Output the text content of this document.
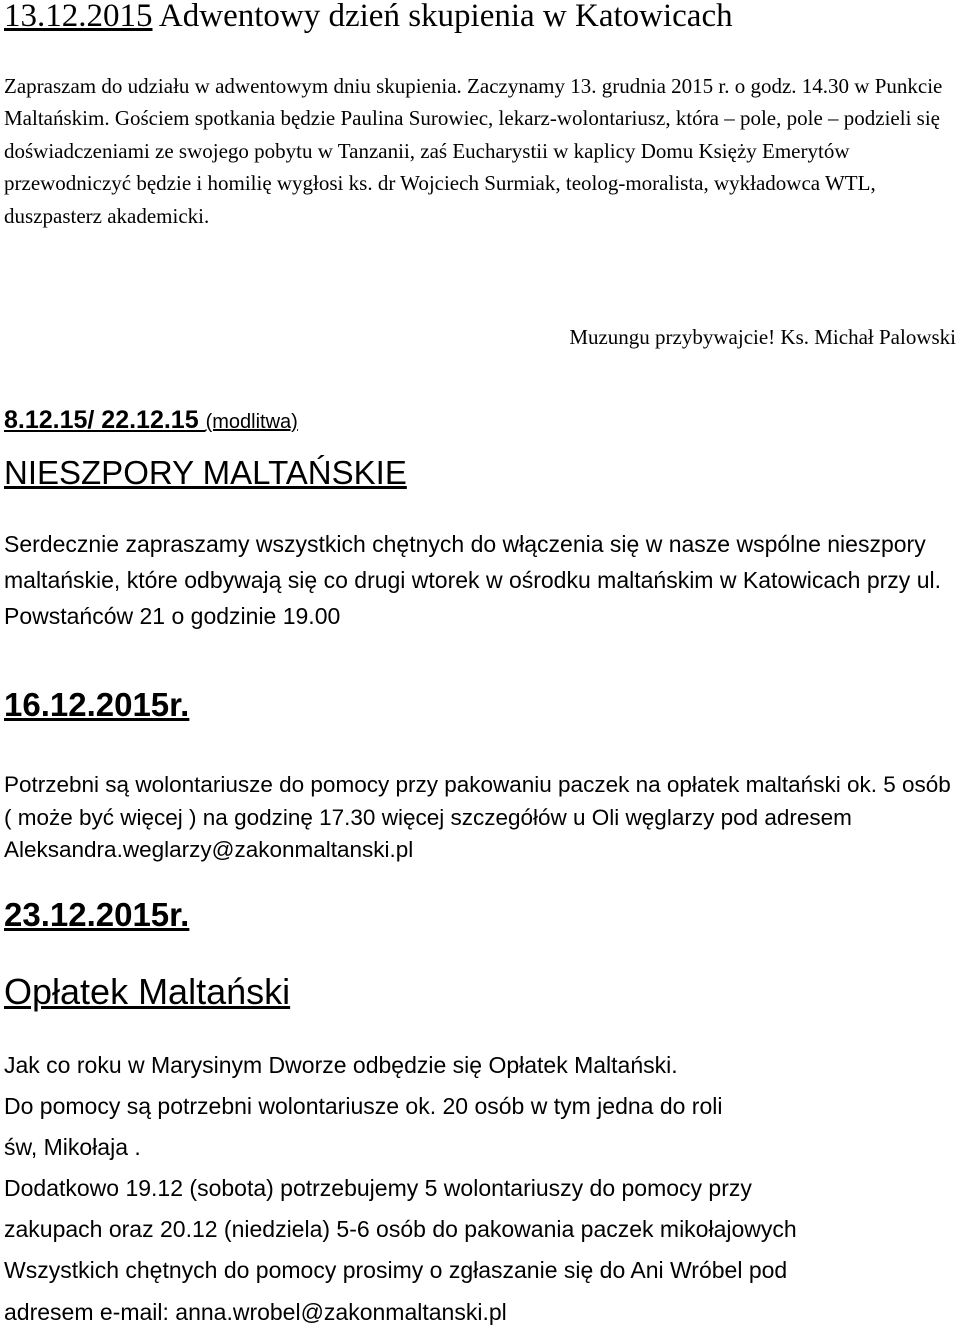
13.12.2015 Adwentowy dzień skupienia w Katowicach
Zapraszam do udziału w adwentowym dniu skupienia. Zaczynamy 13. grudnia 2015 r. o godz. 14.30 w Punkcie Maltańskim. Gościem spotkania będzie Paulina Surowiec, lekarz-wolontariusz, która – pole, pole – podzieli się doświadczeniami ze swojego pobytu w Tanzanii, zaś Eucharystii w kaplicy Domu Księży Emerytów przewodniczyć będzie i homilię wygłosi ks. dr Wojciech Surmiak, teolog-moralista, wykładowca WTL, duszpasterz akademicki.
Muzungu przybywajcie! Ks. Michał Palowski
8.12.15/ 22.12.15 (modlitwa)
NIESZPORY MALTAŃSKIE
Serdecznie zapraszamy wszystkich chętnych do włączenia się w nasze wspólne nieszpory maltańskie, które odbywają się co drugi wtorek w ośrodku maltańskim w Katowicach przy ul. Powstańców 21 o godzinie 19.00
16.12.2015r.
Potrzebni są wolontariusze do pomocy przy pakowaniu paczek na opłatek maltański ok. 5 osób ( może być więcej ) na godzinę 17.30 więcej szczegółów u Oli węglarzy pod adresem Aleksandra.weglarzy@zakonmaltanski.pl
23.12.2015r.
Opłatek Maltański
Jak co roku w Marysinym Dworze odbędzie się Opłatek Maltański.
Do pomocy są potrzebni wolontariusze ok. 20 osób w tym jedna do roli
św, Mikołaja .
Dodatkowo 19.12 (sobota) potrzebujemy 5 wolontariuszy do pomocy przy
zakupach oraz 20.12 (niedziela) 5-6 osób do pakowania paczek mikołajowych
Wszystkich chętnych do pomocy prosimy o zgłaszanie się do Ani Wróbel pod
adresem e-mail: anna.wrobel@zakonmaltanski.pl
